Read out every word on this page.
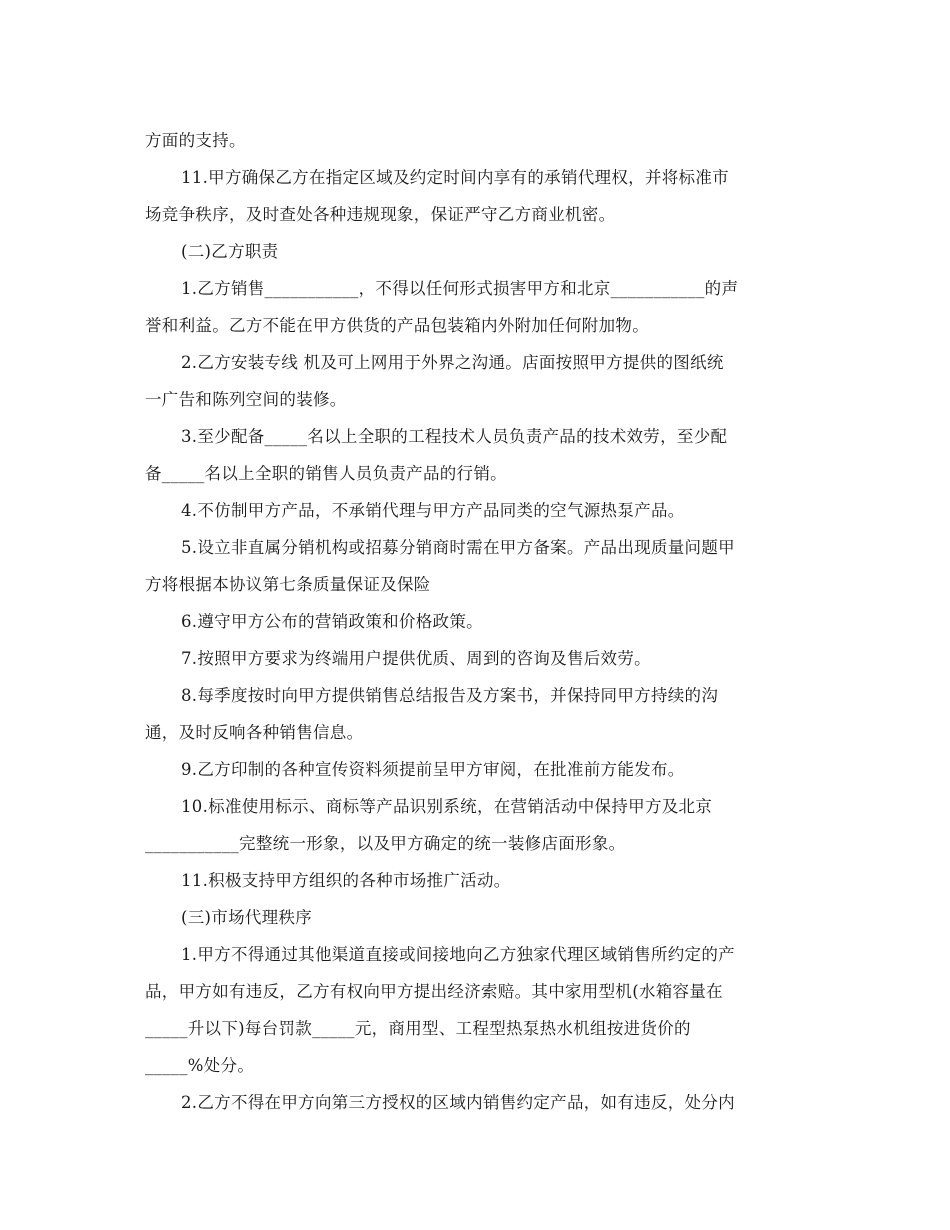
方面的支持。
11.甲方确保乙方在指定区域及约定时间内享有的承销代理权，并将标准市
场竞争秩序，及时查处各种违规现象，保证严守乙方商业机密。
(二)乙方职责
1.乙方销售___________，不得以任何形式损害甲方和北京___________的声
誉和利益。乙方不能在甲方供货的产品包装箱内外附加任何附加物。
2.乙方安装专线 机及可上网用于外界之沟通。店面按照甲方提供的图纸统
一广告和陈列空间的装修。
3.至少配备_____名以上全职的工程技术人员负责产品的技术效劳，至少配
备_____名以上全职的销售人员负责产品的行销。
4.不仿制甲方产品，不承销代理与甲方产品同类的空气源热泵产品。
5.设立非直属分销机构或招募分销商时需在甲方备案。产品出现质量问题甲
方将根据本协议第七条质量保证及保险
6.遵守甲方公布的营销政策和价格政策。
7.按照甲方要求为终端用户提供优质、周到的咨询及售后效劳。
8.每季度按时向甲方提供销售总结报告及方案书，并保持同甲方持续的沟
通，及时反响各种销售信息。
9.乙方印制的各种宣传资料须提前呈甲方审阅，在批准前方能发布。
10.标准使用标示、商标等产品识别系统，在营销活动中保持甲方及北京
___________完整统一形象，以及甲方确定的统一装修店面形象。
11.积极支持甲方组织的各种市场推广活动。
(三)市场代理秩序
1.甲方不得通过其他渠道直接或间接地向乙方独家代理区域销售所约定的产
品，甲方如有违反，乙方有权向甲方提出经济索赔。其中家用型机(水箱容量在
_____升以下)每台罚款_____元，商用型、工程型热泵热水机组按进货价的
_____%处分。
2.乙方不得在甲方向第三方授权的区域内销售约定产品，如有违反，处分内
